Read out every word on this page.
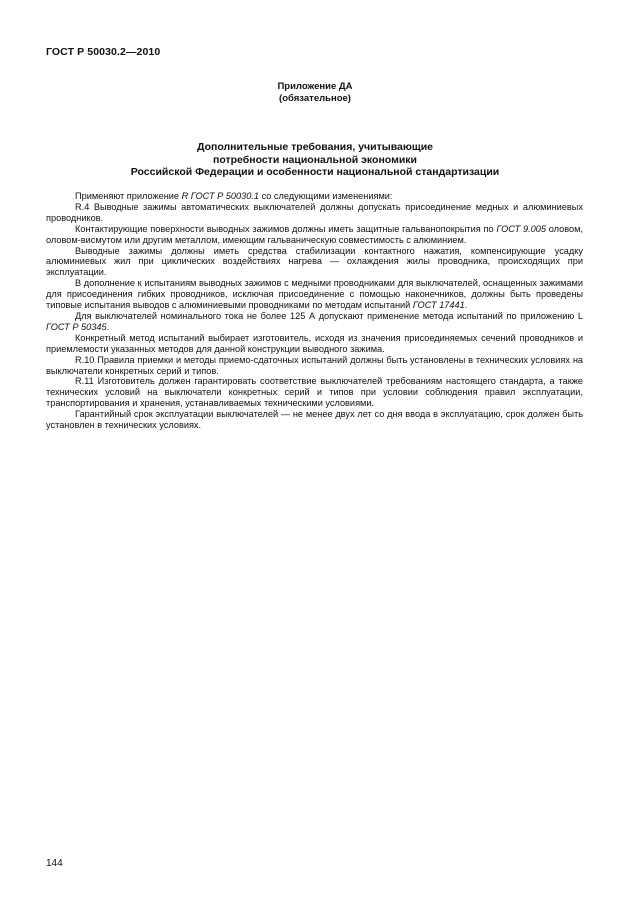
ГОСТ Р 50030.2—2010
Приложение ДА
(обязательное)
Дополнительные требования, учитывающие
потребности национальной экономики
Российской Федерации и особенности национальной стандартизации

Применяют приложение R ГОСТ Р 50030.1 со следующими изменениями:

R.4 Выводные зажимы автоматических выключателей должны допускать присоединение медных и алюминиевых проводников.

Контактирующие поверхности выводных зажимов должны иметь защитные гальванопокрытия по ГОСТ 9.005 оловом, оловом-висмутом или другим металлом, имеющим гальваническую совместимость с алюминием.

Выводные зажимы должны иметь средства стабилизации контактного нажатия, компенсирующие усадку алюминиевых жил при циклических воздействиях нагрева — охлаждения жилы проводника, происходящих при эксплуатации.

В дополнение к испытаниям выводных зажимов с медными проводниками для выключателей, оснащенных зажимами для присоединения гибких проводников, исключая присоединение с помощью наконечников, должны быть проведены типовые испытания выводов с алюминиевыми проводниками по методам испытаний ГОСТ 17441.

Для выключателей номинального тока не более 125 А допускают применение метода испытаний по приложению L ГОСТ Р 50345.

Конкретный метод испытаний выбирает изготовитель, исходя из значения присоединяемых сечений проводников и приемлемости указанных методов для данной конструкции выводного зажима.

R.10 Правила приемки и методы приемо-сдаточных испытаний должны быть установлены в технических условиях на выключатели конкретных серий и типов.

R.11 Изготовитель должен гарантировать соответствие выключателей требованиям настоящего стандарта, а также технических условий на выключатели конкретных серий и типов при условии соблюдения правил эксплуатации, транспортирования и хранения, устанавливаемых техническими условиями.

Гарантийный срок эксплуатации выключателей — не менее двух лет со дня ввода в эксплуатацию, срок должен быть установлен в технических условиях.

144
